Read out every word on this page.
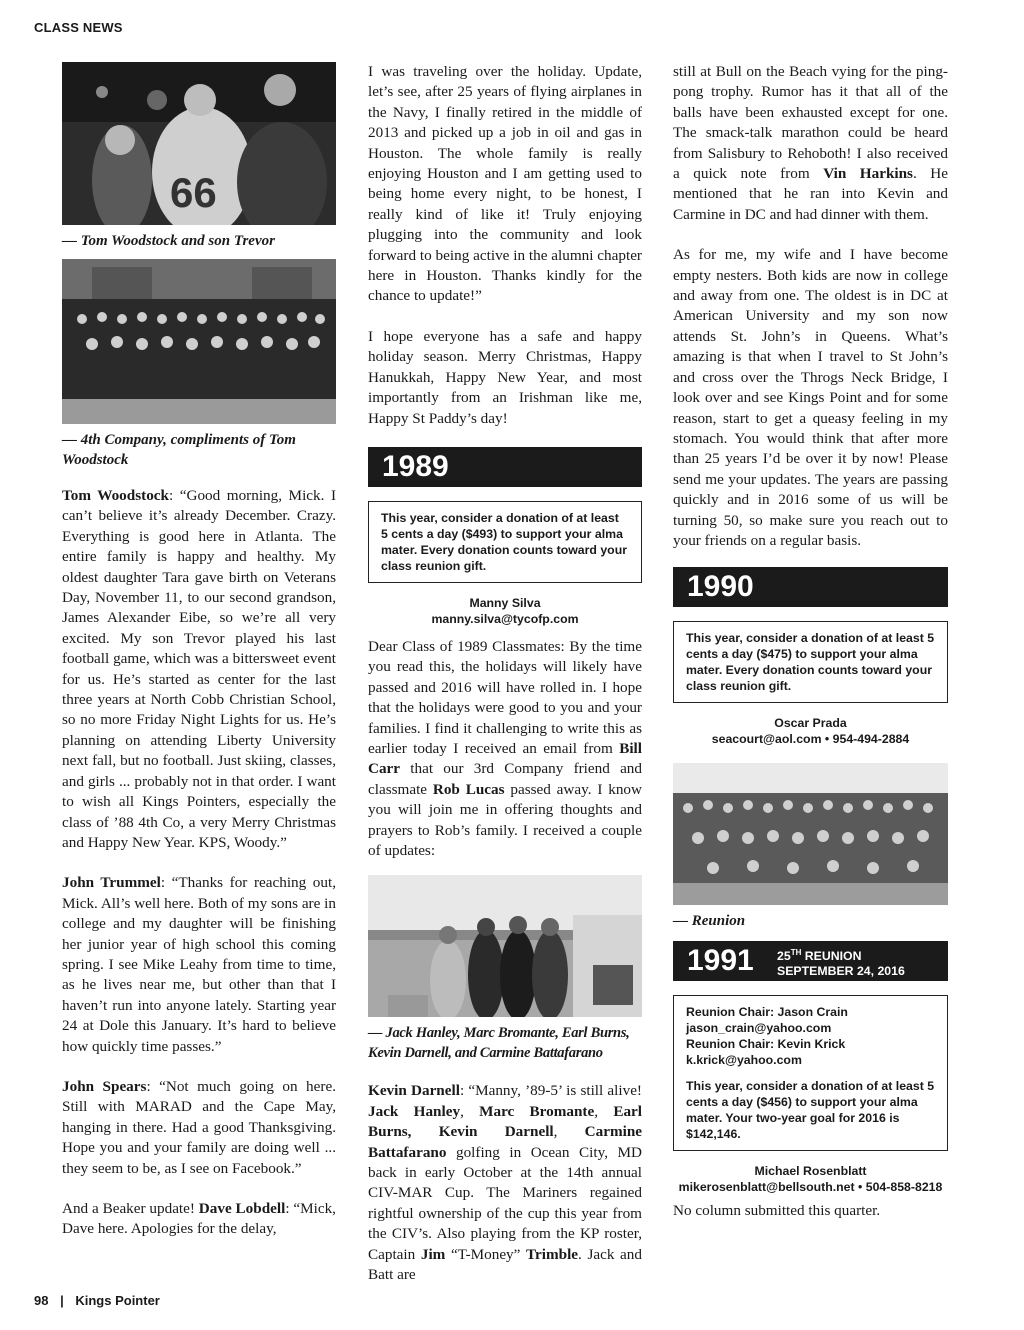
CLASS NEWS
66
— Tom Woodstock and son Trevor
— 4th Company, compliments of Tom Woodstock

Tom Woodstock: “Good morning, Mick. I can’t believe it’s already December. Crazy. Everything is good here in Atlanta. The entire family is happy and healthy. My oldest daughter Tara gave birth on Veterans Day, November 11, to our second grandson, James Alexander Eibe, so we’re all very excited. My son Trevor played his last football game, which was a bittersweet event for us. He’s started as center for the last three years at North Cobb Christian School, so no more Friday Night Lights for us. He’s planning on attending Liberty University next fall, but no football. Just skiing, classes, and girls ... probably not in that order. I want to wish all Kings Pointers, especially the class of ’88 4th Co, a very Merry Christmas and Happy New Year. KPS, Woody.”

John Trummel: “Thanks for reaching out, Mick. All’s well here. Both of my sons are in college and my daughter will be finishing her junior year of high school this coming spring. I see Mike Leahy from time to time, as he lives near me, but other than that I haven’t run into anyone lately. Starting year 24 at Dole this January. It’s hard to believe how quickly time passes.”

John Spears: “Not much going on here. Still with MARAD and the Cape May, hanging in there. Had a good Thanksgiving. Hope you and your family are doing well ... they seem to be, as I see on Facebook.”

And a Beaker update! Dave Lobdell: “Mick, Dave here. Apologies for the delay,

I was traveling over the holiday. Update, let’s see, after 25 years of flying airplanes in the Navy, I finally retired in the middle of 2013 and picked up a job in oil and gas in Houston. The whole family is really enjoying Houston and I am getting used to being home every night, to be honest, I really kind of like it! Truly enjoying plugging into the community and look forward to being active in the alumni chapter here in Houston. Thanks kindly for the chance to update!”

I hope everyone has a safe and happy holiday season. Merry Christmas, Happy Hanukkah, Happy New Year, and most importantly from an Irishman like me, Happy St Paddy’s day!

1989
This year, consider a donation of at least 5 cents a day ($493) to support your alma mater. Every donation counts toward your class reunion gift.
Manny Silva
manny.silva@tycofp.com

Dear Class of 1989 Classmates: By the time you read this, the holidays will likely have passed and 2016 will have rolled in. I hope that the holidays were good to you and your families. I find it challenging to write this as earlier today I received an email from Bill Carr that our 3rd Company friend and classmate Rob Lucas passed away. I know you will join me in offering thoughts and prayers to Rob’s family. I received a couple of updates:

— Jack Hanley, Marc Bromante, Earl Burns, Kevin Darnell, and Carmine Battafarano

Kevin Darnell: “Manny, ’89-5’ is still alive! Jack Hanley, Marc Bromante, Earl Burns, Kevin Darnell, Carmine Battafarano golfing in Ocean City, MD back in early October at the 14th annual CIV-MAR Cup. The Mariners regained rightful ownership of the cup this year from the CIV’s. Also playing from the KP roster, Captain Jim “T-Money” Trimble. Jack and Batt are

still at Bull on the Beach vying for the ping-pong trophy. Rumor has it that all of the balls have been exhausted except for one. The smack-talk marathon could be heard from Salisbury to Rehoboth! I also received a quick note from Vin Harkins. He mentioned that he ran into Kevin and Carmine in DC and had dinner with them.

As for me, my wife and I have become empty nesters. Both kids are now in college and away from one. The oldest is in DC at American University and my son now attends St. John’s in Queens. What’s amazing is that when I travel to St John’s and cross over the Throgs Neck Bridge, I look over and see Kings Point and for some reason, start to get a queasy feeling in my stomach. You would think that after more than 25 years I’d be over it by now! Please send me your updates. The years are passing quickly and in 2016 some of us will be turning 50, so make sure you reach out to your friends on a regular basis.

1990
This year, consider a donation of at least 5 cents a day ($475) to support your alma mater. Every donation counts toward your class reunion gift.
Oscar Prada
seacourt@aol.com • 954-494-2884
— Reunion
1991 25TH REUNION
SEPTEMBER 24, 2016
Reunion Chair: Jason Crain
jason_crain@yahoo.com
Reunion Chair: Kevin Krick
k.krick@yahoo.com
This year, consider a donation of at least 5 cents a day ($456) to support your alma mater. Your two-year goal for 2016 is $142,146.
Michael Rosenblatt
mikerosenblatt@bellsouth.net • 504-858-8218

No column submitted this quarter.

98 | Kings Pointer
